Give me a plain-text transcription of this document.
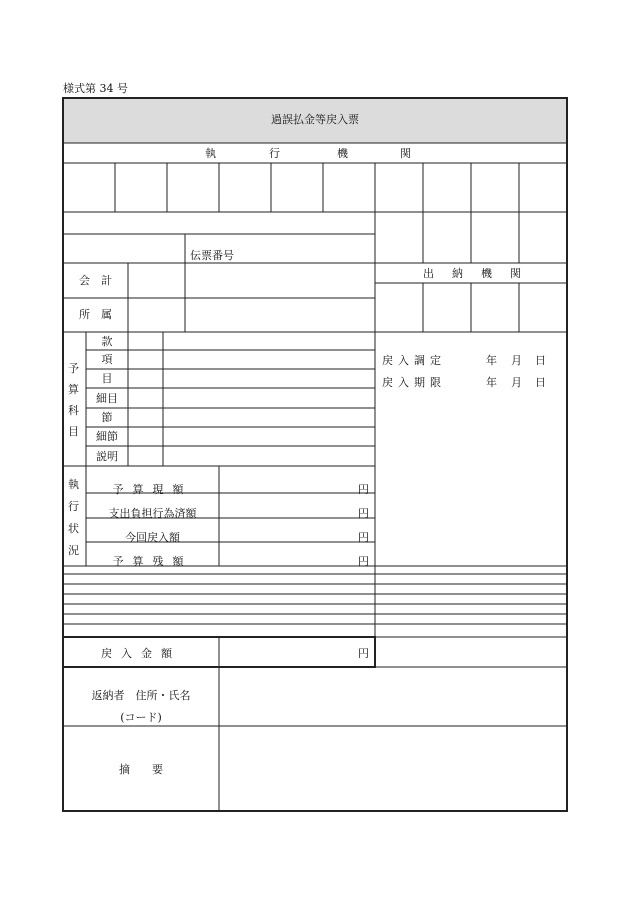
様式第 34 号
過誤払金等戻入票
執	行	機	関
伝票番号
会　計
所　属
出 納 機 関
予
算
科
目
款
項
目
細目
節
細節
説明
戻入調定	年 月 日
戻入期限	年 月 日
執
行
状
況
予算現額	円
支出負担行為済額	円
今回戻入額	円
予算残額	円
戻入金額	円
返納者　住所・氏名
(コード)
摘　　要
